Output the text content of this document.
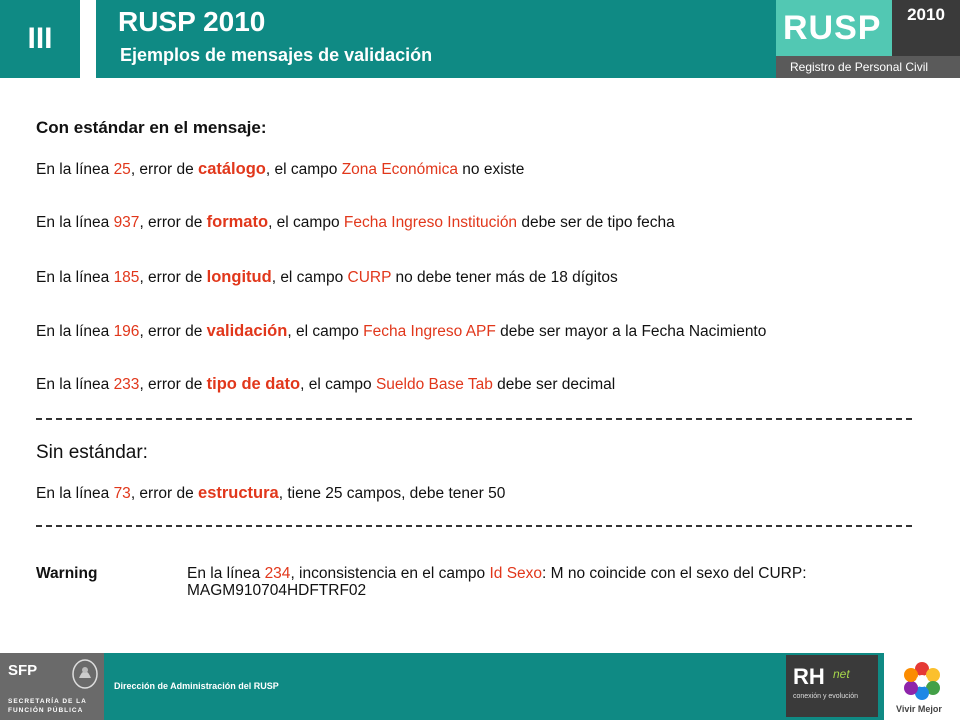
III
RUSP 2010
Ejemplos de mensajes de validación
RUSP	2010
Registro de Personal Civil
Con estándar en el mensaje:
En la línea 25, error de catálogo, el campo Zona Económica no existe
En la línea 937, error de formato, el campo Fecha Ingreso Institución debe ser de tipo fecha
En la línea 185, error de longitud, el campo CURP no debe tener más de 18 dígitos
En la línea 196, error de validación, el campo Fecha Ingreso APF debe ser mayor a la Fecha Nacimiento
En la línea 233, error de tipo de dato, el campo Sueldo Base Tab debe ser decimal
Sin estándar:
En la línea 73, error de estructura, tiene 25 campos, debe tener 50
Warning	En la línea 234, inconsistencia en el campo Id Sexo: M no coincide con el sexo del CURP: MAGM910704HDFTRF02
SFP
SECRETARÍA DE LA
FUNCIÓN PÚBLICA
Dirección de Administración del RUSP	RH net
conexión y evolución
Vivir Mejor
